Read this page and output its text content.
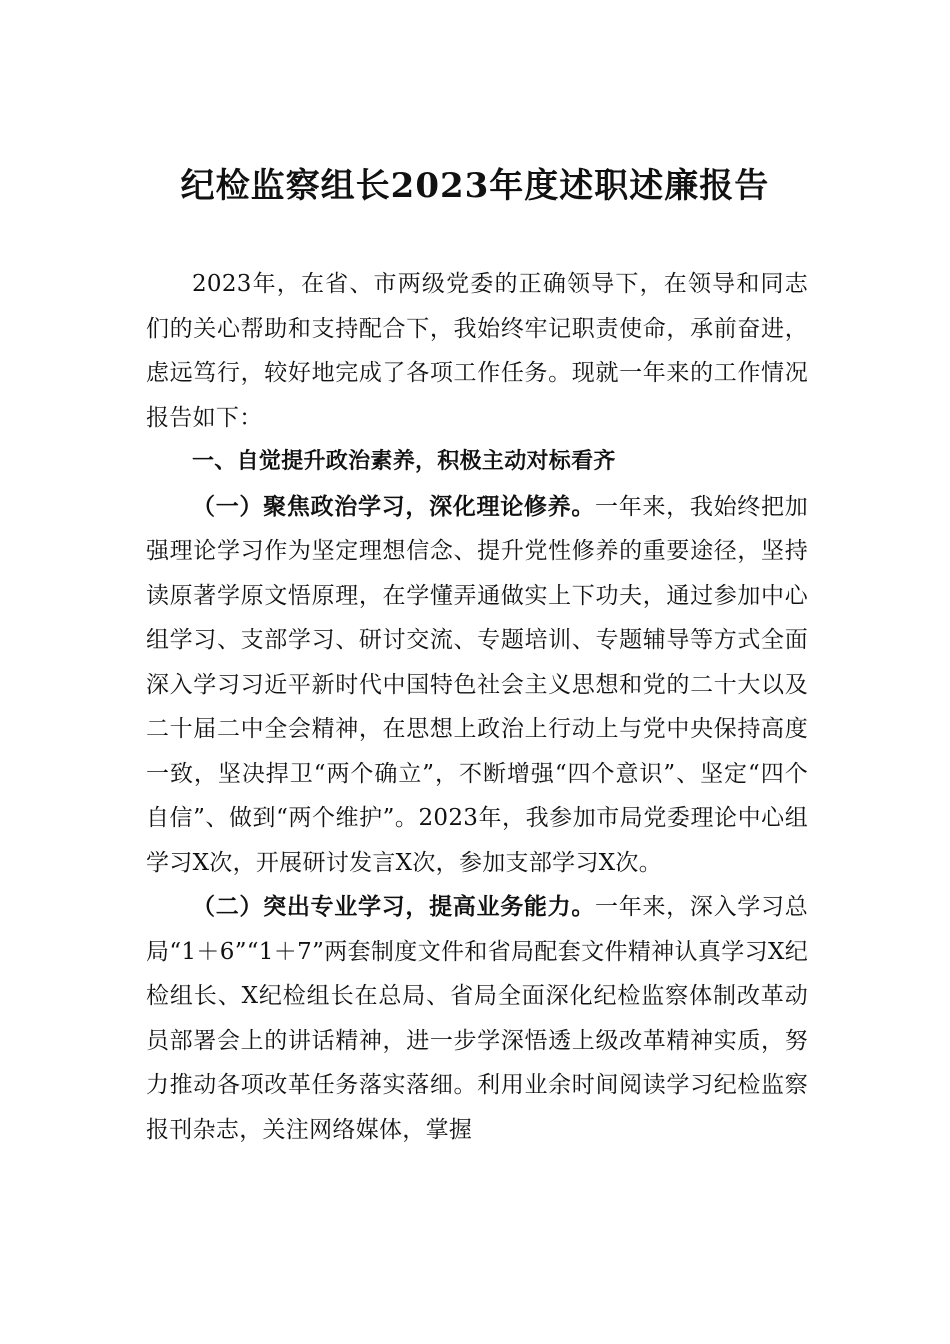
纪检监察组长2023年度述职述廉报告

2023年，在省、市两级党委的正确领导下，在领导和同志们的关心帮助和支持配合下，我始终牢记职责使命，承前奋进，虑远笃行，较好地完成了各项工作任务。现就一年来的工作情况报告如下：

一、自觉提升政治素养，积极主动对标看齐

（一）聚焦政治学习，深化理论修养。一年来，我始终把加强理论学习作为坚定理想信念、提升党性修养的重要途径，坚持读原著学原文悟原理，在学懂弄通做实上下功夫，通过参加中心组学习、支部学习、研讨交流、专题培训、专题辅导等方式全面深入学习习近平新时代中国特色社会主义思想和党的二十大以及二十届二中全会精神，在思想上政治上行动上与党中央保持高度一致，坚决捍卫“两个确立”，不断增强“四个意识”、坚定“四个自信”、做到“两个维护”。2023年，我参加市局党委理论中心组学习X次，开展研讨发言X次，参加支部学习X次。

（二）突出专业学习，提高业务能力。一年来，深入学习总局“1＋6”“1＋7”两套制度文件和省局配套文件精神认真学习X纪检组长、X纪检组长在总局、省局全面深化纪检监察体制改革动员部署会上的讲话精神，进一步学深悟透上级改革精神实质，努力推动各项改革任务落实落细。利用业余时间阅读学习纪检监察报刊杂志，关注网络媒体，掌握
